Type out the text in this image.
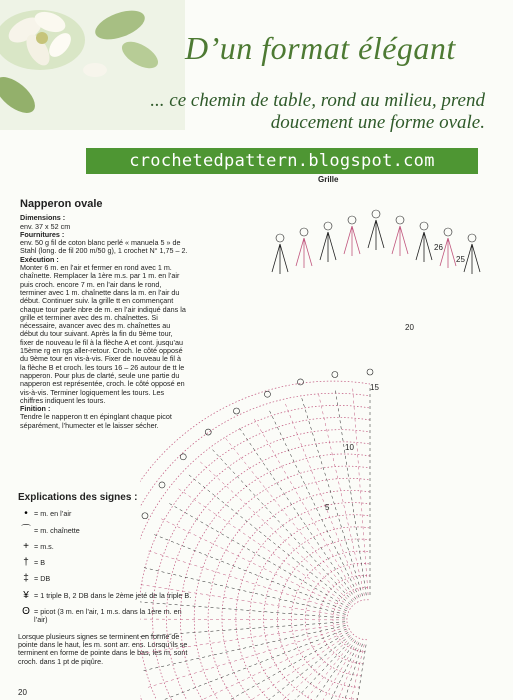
D’un format élégant
... ce chemin de table, rond au milieu, prend doucement une forme ovale.
crochetedpattern.blogspot.com
Grille
Napperon ovale
Dimensions :

env. 37 x 52 cm

Fournitures :

env. 50 g fil de coton blanc perlé « manuela 5 » de Stahl (long. de fil 200 m/50 g), 1 crochet N° 1,75 – 2.

Exécution :

Monter 6 m. en l’air et fermer en rond avec 1 m. chaînette. Remplacer la 1ère m.s. par 1 m. en l’air puis croch. encore 7 m. en l’air dans le rond, terminer avec 1 m. chaînette dans la m. en l’air du début. Continuer suiv. la grille tt en commençant chaque tour parle nbre de m. en l’air indiqué dans la grille et terminer avec des m. chaînettes. Si nécessaire, avancer avec des m. chaînettes au début du tour suivant. Après la fin du 9ème tour, fixer de nouveau le fil à la flèche A et cont. jusqu’au 15ème rg en rgs aller-retour. Croch. le côté opposé du 9ème tour en vis-à-vis. Fixer de nouveau le fil à la flèche B et croch. les tours 16 – 26 autour de tt le napperon. Pour plus de clarté, seule une partie du napperon est représentée, croch. le côté opposé en vis-à-vis. Terminer logiquement les tours. Les chiffres indiquent les tours.

Finition :

Tendre le napperon tt en épinglant chaque picot séparément, l’humecter et le laisser sécher.

Explications des signes :
• = m. en l’air
⌒ = m. chaînette
+ = m.s.
† = B
‡ = DB
¥ = 1 triple B, 2 DB dans le 2ème jeté de la triple B.
ʘ = picot (3 m. en l’air, 1 m.s. dans la 1ère m. en l’air)

Lorsque plusieurs signes se terminent en forme de pointe dans le haut, les m. sont arr. ens. Lorsqu’ils se terminent en forme de pointe dans le bas, les m. sont croch. dans 1 pt de piqûre.

20
26
25
20
15
10
5
